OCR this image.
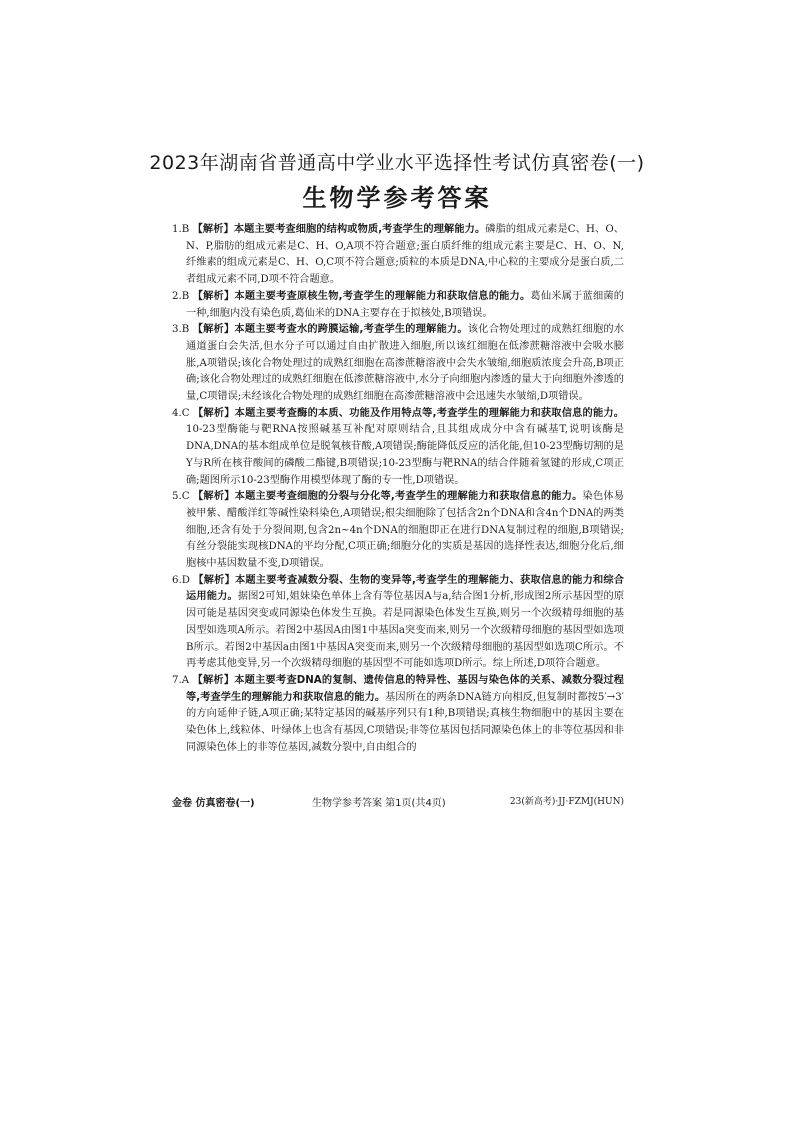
2023年湖南省普通高中学业水平选择性考试仿真密卷(一)
生物学参考答案

1.B 【解析】本题主要考查细胞的结构或物质,考查学生的理解能力。磷脂的组成元素是C、H、O、N、P,脂肪的组成元素是C、H、O,A项不符合题意;蛋白质纤维的组成元素主要是C、H、O、N,纤维素的组成元素是C、H、O,C项不符合题意;质粒的本质是DNA,中心粒的主要成分是蛋白质,二者组成元素不同,D项不符合题意。

2.B 【解析】本题主要考查原核生物,考查学生的理解能力和获取信息的能力。葛仙米属于蓝细菌的一种,细胞内没有染色质,葛仙米的DNA主要存在于拟核处,B项错误。

3.B 【解析】本题主要考查水的跨膜运输,考查学生的理解能力。该化合物处理过的成熟红细胞的水通道蛋白会失活,但水分子可以通过自由扩散进入细胞,所以该红细胞在低渗蔗糖溶液中会吸水膨胀,A项错误;该化合物处理过的成熟红细胞在高渗蔗糖溶液中会失水皱缩,细胞质浓度会升高,B项正确;该化合物处理过的成熟红细胞在低渗蔗糖溶液中,水分子向细胞内渗透的量大于向细胞外渗透的量,C项错误;未经该化合物处理的成熟红细胞在高渗蔗糖溶液中会迅速失水皱缩,D项错误。

4.C 【解析】本题主要考查酶的本质、功能及作用特点等,考查学生的理解能力和获取信息的能力。10-23型酶能与靶RNA按照碱基互补配对原则结合,且其组成成分中含有碱基T,说明该酶是DNA,DNA的基本组成单位是脱氧核苷酸,A项错误;酶能降低反应的活化能,但10-23型酶切割的是Y与R所在核苷酸间的磷酸二酯键,B项错误;10-23型酶与靶RNA的结合伴随着氢键的形成,C项正确;题图所示10-23型酶作用模型体现了酶的专一性,D项错误。

5.C 【解析】本题主要考查细胞的分裂与分化等,考查学生的理解能力和获取信息的能力。染色体易被甲紫、醋酸洋红等碱性染料染色,A项错误;根尖细胞除了包括含2n个DNA和含4n个DNA的两类细胞,还含有处于分裂间期,包含2n~4n个DNA的细胞即正在进行DNA复制过程的细胞,B项错误;有丝分裂能实现核DNA的平均分配,C项正确;细胞分化的实质是基因的选择性表达,细胞分化后,细胞核中基因数量不变,D项错误。

6.D 【解析】本题主要考查减数分裂、生物的变异等,考查学生的理解能力、获取信息的能力和综合运用能力。据图2可知,姐妹染色单体上含有等位基因A与a,结合图1分析,形成图2所示基因型的原因可能是基因突变或同源染色体发生互换。若是同源染色体发生互换,则另一个次级精母细胞的基因型如选项A所示。若图2中基因A由图1中基因a突变而来,则另一个次级精母细胞的基因型如选项B所示。若图2中基因a由图1中基因A突变而来,则另一个次级精母细胞的基因型如选项C所示。不再考虑其他变异,另一个次级精母细胞的基因型不可能如选项D所示。综上所述,D项符合题意。

7.A 【解析】本题主要考查DNA的复制、遗传信息的特异性、基因与染色体的关系、减数分裂过程等,考查学生的理解能力和获取信息的能力。基因所在的两条DNA链方向相反,但复制时都按5′→3′的方向延伸子链,A项正确;某特定基因的碱基序列只有1种,B项错误;真核生物细胞中的基因主要在染色体上,线粒体、叶绿体上也含有基因,C项错误;非等位基因包括同源染色体上的非等位基因和非同源染色体上的非等位基因,减数分裂中,自由组合的

金卷 仿真密卷(一)	生物学参考答案 第1页(共4页)	23(新高考)·JJ·FZMJ(HUN)
